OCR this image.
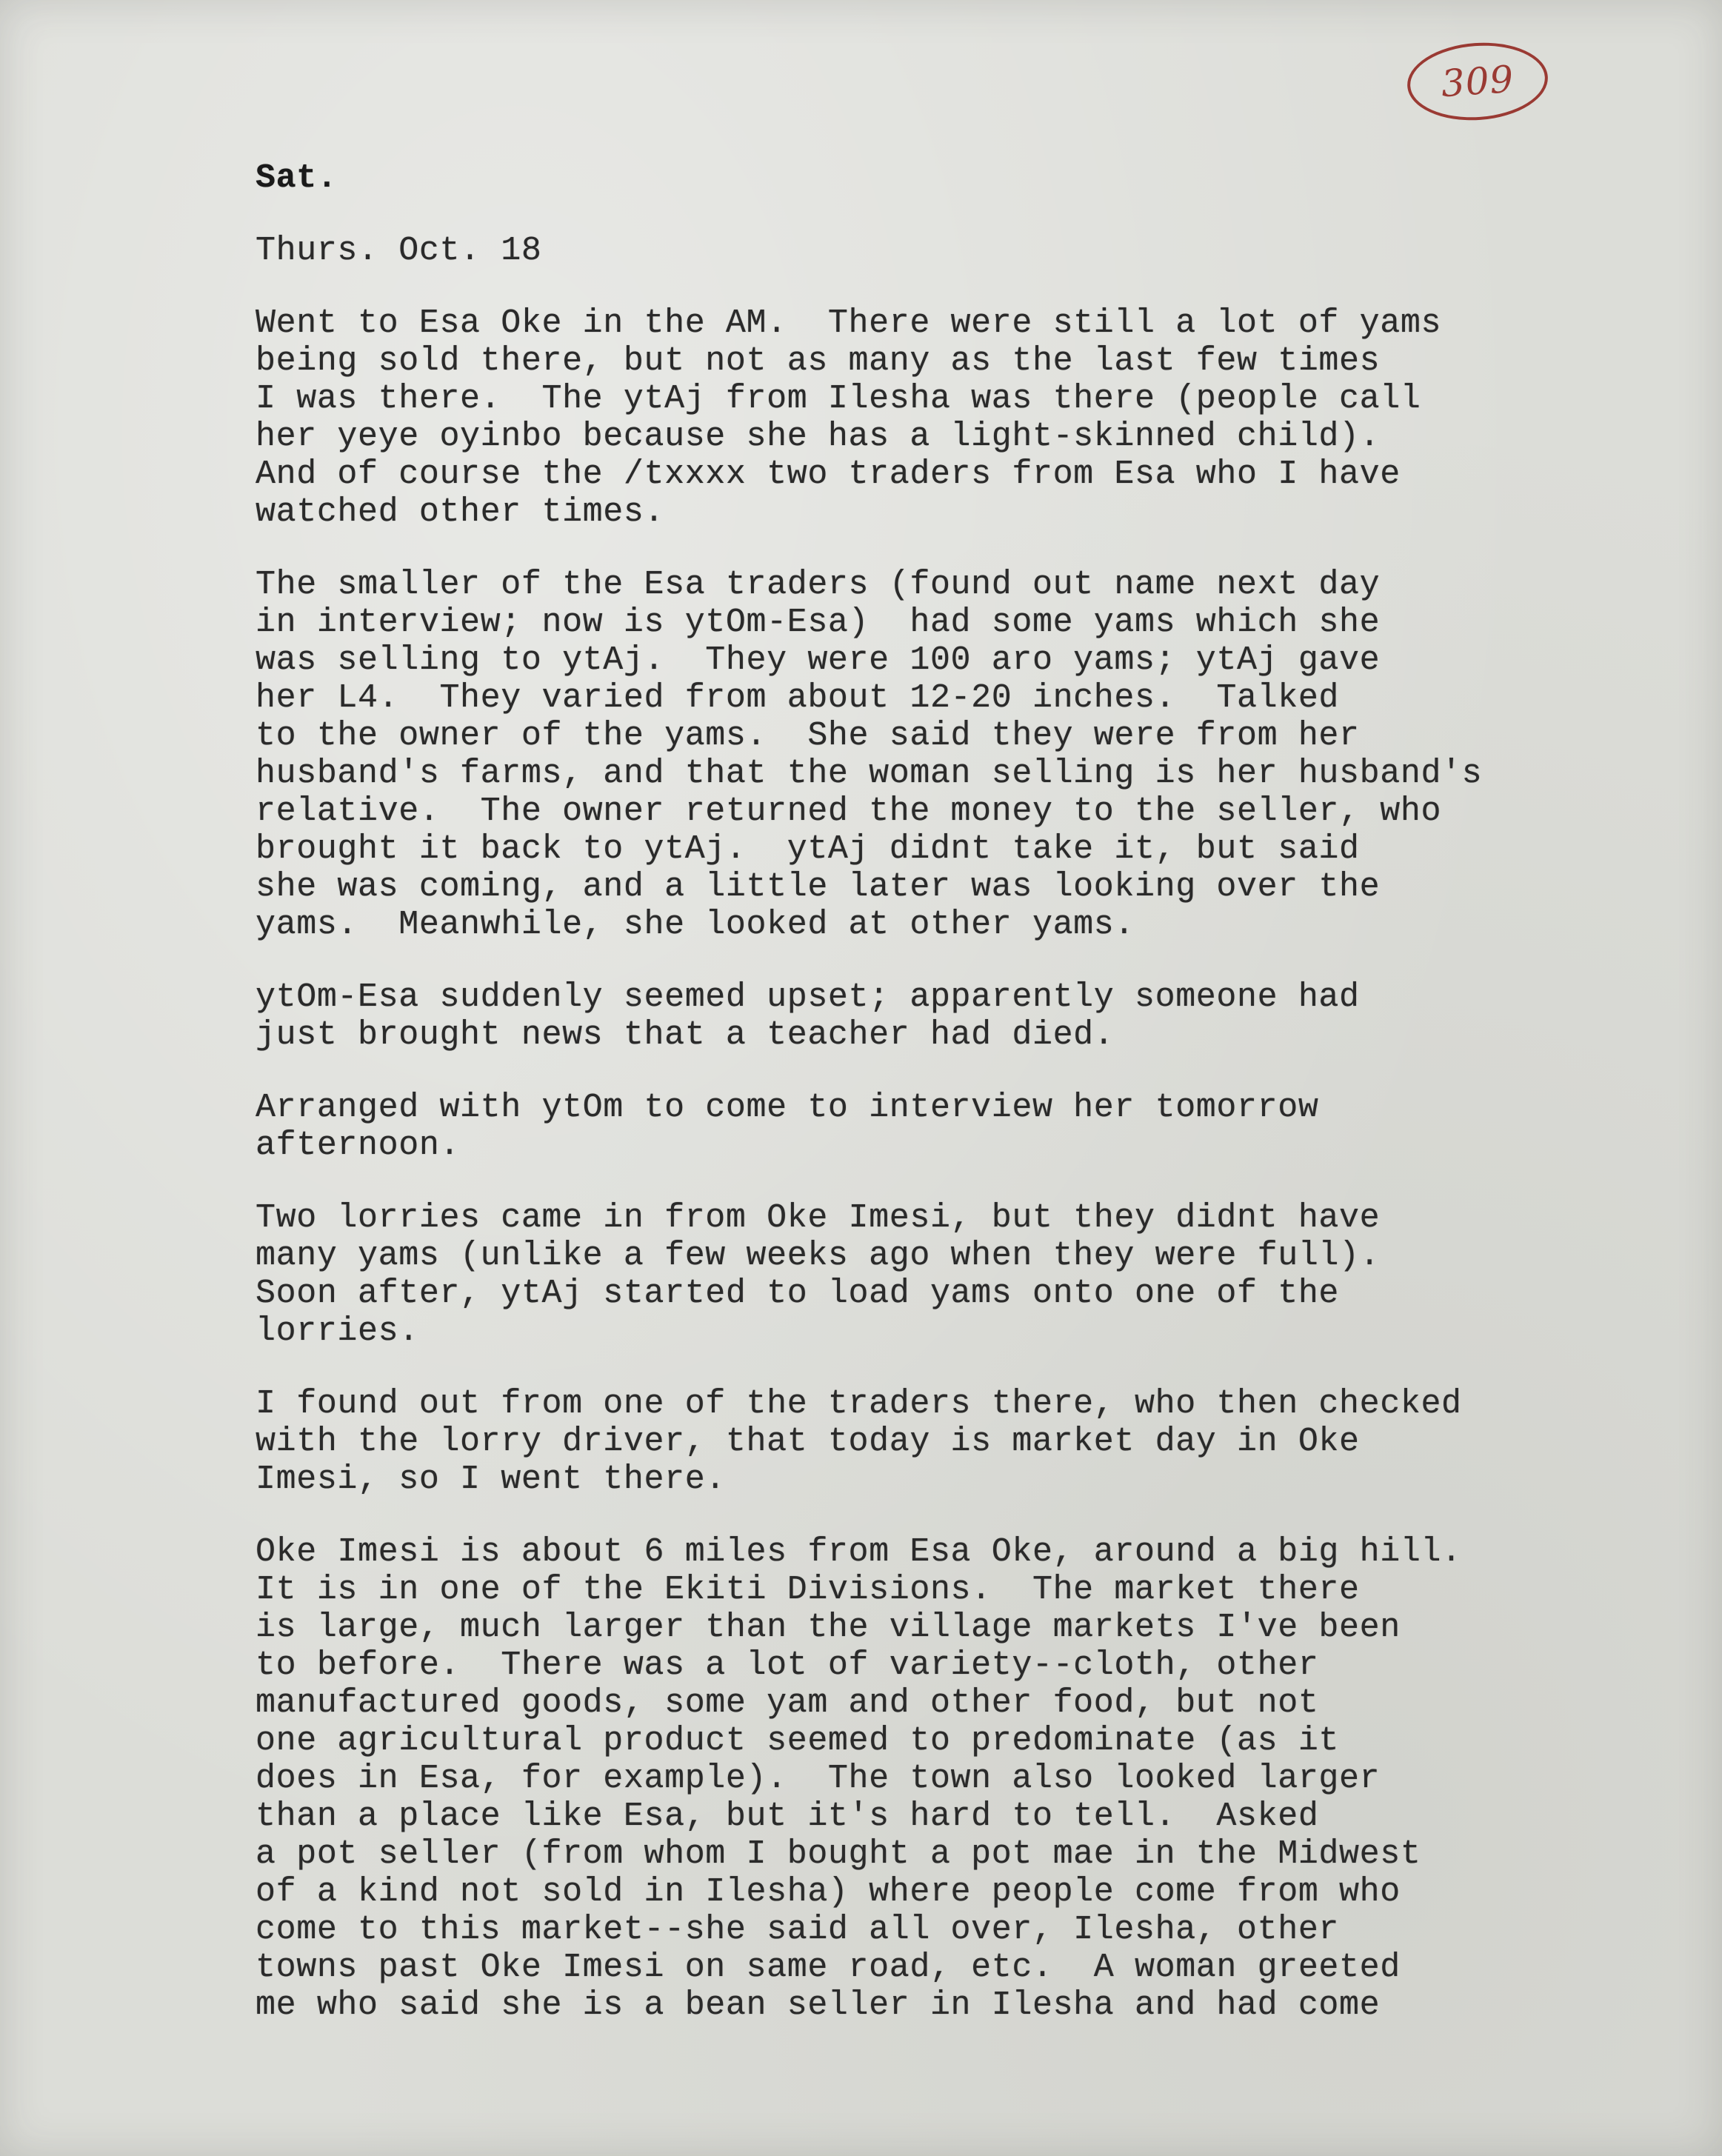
309
Sat.
Thurs. Oct. 18
Went to Esa Oke in the AM.  There were still a lot of yams
being sold there, but not as many as the last few times
I was there.  The ytAj from Ilesha was there (people call
her yeye oyinbo because she has a light-skinned child).
And of course the /txxxx two traders from Esa who I have
watched other times.
The smaller of the Esa traders (found out name next day
in interview; now is ytOm-Esa)  had some yams which she
was selling to ytAj.  They were 100 aro yams; ytAj gave
her L4.  They varied from about 12-20 inches.  Talked
to the owner of the yams.  She said they were from her
husband's farms, and that the woman selling is her husband's
relative.  The owner returned the money to the seller, who
brought it back to ytAj.  ytAj didnt take it, but said
she was coming, and a little later was looking over the
yams.  Meanwhile, she looked at other yams.
ytOm-Esa suddenly seemed upset; apparently someone had
just brought news that a teacher had died.
Arranged with ytOm to come to interview her tomorrow
afternoon.
Two lorries came in from Oke Imesi, but they didnt have
many yams (unlike a few weeks ago when they were full).
Soon after, ytAj started to load yams onto one of the
lorries.
I found out from one of the traders there, who then checked
with the lorry driver, that today is market day in Oke
Imesi, so I went there.
Oke Imesi is about 6 miles from Esa Oke, around a big hill.
It is in one of the Ekiti Divisions.  The market there
is large, much larger than the village markets I've been
to before.  There was a lot of variety--cloth, other
manufactured goods, some yam and other food, but not
one agricultural product seemed to predominate (as it
does in Esa, for example).  The town also looked larger
than a place like Esa, but it's hard to tell.  Asked
a pot seller (from whom I bought a pot mae in the Midwest
of a kind not sold in Ilesha) where people come from who
come to this market--she said all over, Ilesha, other
towns past Oke Imesi on same road, etc.  A woman greeted
me who said she is a bean seller in Ilesha and had come
